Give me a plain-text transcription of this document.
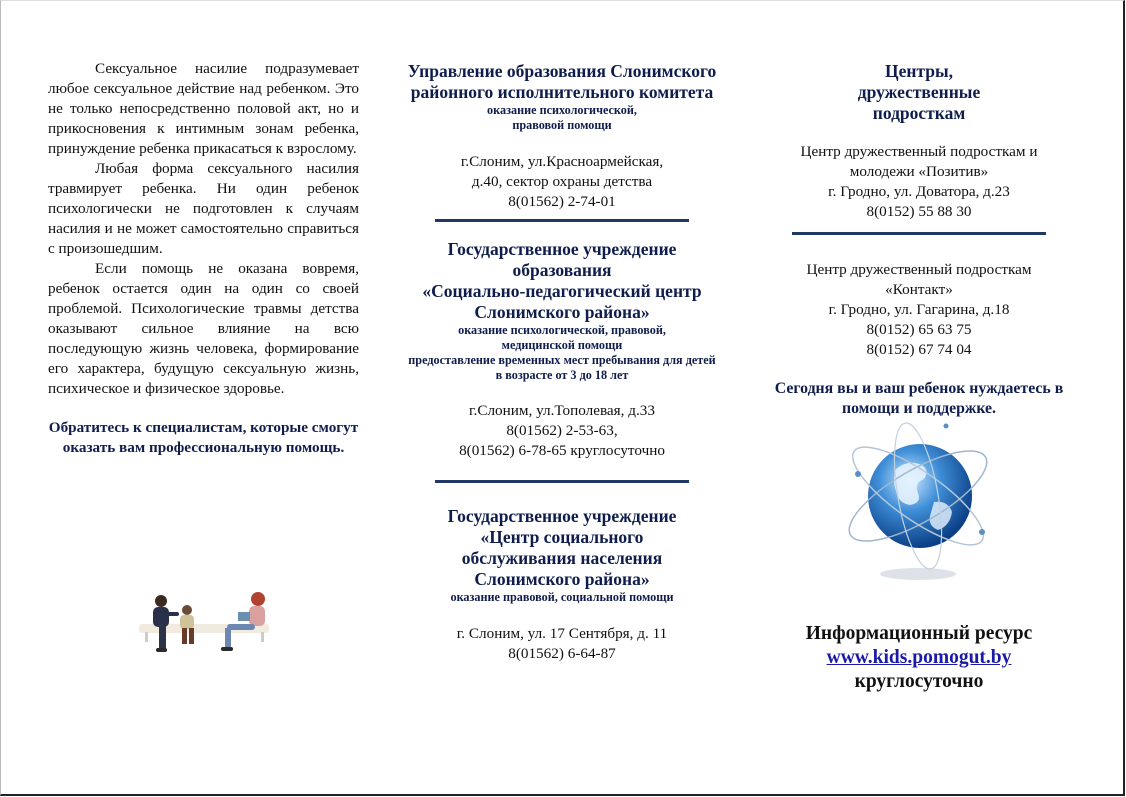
Сексуальное насилие подразумевает любое сексуальное действие над ребенком. Это не только непосредственно половой акт, но и прикосновения к интимным зонам ребенка, принуждение ребенка прикасаться к взрослому.

Любая форма сексуального насилия травмирует ребенка. Ни один ребенок психологически не подготовлен к случаям насилия и не может самостоятельно справиться с произошедшим.

Если помощь не оказана вовремя, ребенок остается один на один со своей проблемой. Психологические травмы детства оказывают сильное влияние на всю последующую жизнь человека, формирование его характера, будущую сексуальную жизнь, психическое и физическое здоровье.

Обратитесь к специалистам, которые смогут оказать вам профессиональную помощь.

Управление образования Слонимского районного исполнительного комитета

оказание психологической, правовой помощи

г.Слоним, ул.Красноармейская,

д.40, сектор охраны детства

8(01562) 2-74-01

Государственное учреждение образования

«Социально-педагогический центр Слонимского района»

оказание психологической, правовой, медицинской помощи

предоставление временных мест пребывания для детей в возрасте от 3 до 18 лет

г.Слоним, ул.Тополевая, д.33

8(01562) 2-53-63,

8(01562) 6-78-65 круглосуточно

Государственное учреждение

«Центр социального обслуживания населения Слонимского района»

оказание правовой, социальной помощи

г. Слоним, ул. 17 Сентября, д. 11

8(01562) 6-64-87

Центры, дружественные подросткам

Центр дружественный подросткам и

молодежи «Позитив»

г. Гродно, ул. Доватора, д.23

8(0152) 55 88 30

Центр дружественный подросткам

«Контакт»

г. Гродно, ул. Гагарина, д.18

8(0152) 65 63 75

8(0152) 67 74 04

Сегодня вы и ваш ребенок нуждаетесь в помощи и поддержке.

Информационный ресурс

www.kids.pomogut.by

круглосуточно
